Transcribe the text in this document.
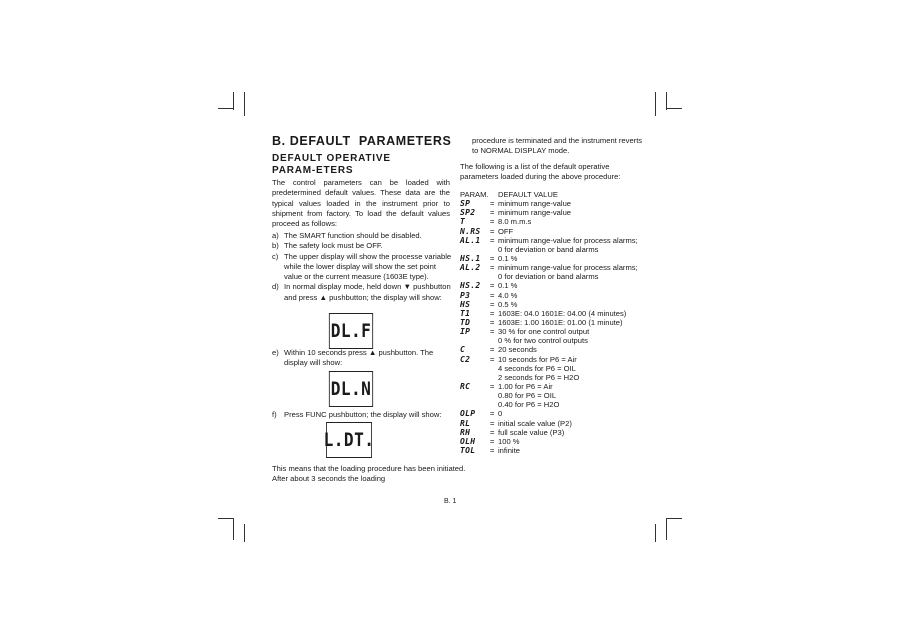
B. DEFAULT  PARAMETERS
DEFAULT OPERATIVE PARAM-ETERS
The control parameters can be loaded with predetermined default values. These data are the typical values loaded in the instrument prior to shipment from factory. To load the default values proceed as follows:
a) The SMART function should be disabled.
b) The safety lock must be OFF.
c) The upper display will show the processe variable while the lower display will show the set point value or the current measure (1603E type).
d) In normal display mode, held down ▼ pushbutton and press ▲ pushbutton; the display will show:
DL.F
e) Within 10 seconds press ▲ pushbutton. The display will show:
DL.N
f) Press FUNC pushbutton; the display will show:
L.DT.
This means that the loading procedure has been initiated. After about 3 seconds the loading
procedure is terminated and the instrument reverts to NORMAL DISPLAY mode.
The following is a list of the default operative parameters loaded during the above procedure:
PARAM.	DEFAULT VALUE
SP	= minimum range-value
SP2	= minimum range-value
T	= 8.0 m.m.s
N.RS	= OFF
AL.1	= minimum range-value for process alarms;
0 for deviation or band alarms
HS.1	= 0.1 %
AL.2	= minimum range-value for process alarms;
0 for deviation or band alarms
HS.2	= 0.1 %
P3	= 4.0 %
HS	= 0.5 %
T1	= 1603E: 04.0 1601E: 04.00 (4 minutes)
TD	= 1603E: 1.00 1601E: 01.00 (1 minute)
IP	= 30 % for one control output
0 % for two control outputs
C	= 20 seconds
C2	= 10 seconds for P6 = Air
4 seconds for P6 = OIL
2 seconds for P6 = H2O
RC	= 1.00 for P6 = Air
0.80 for P6 = OIL
0.40 for P6 = H2O
OLP	= 0
RL	= initial scale value (P2)
RH	= full scale value (P3)
OLH	= 100 %
TOL	= infinite
B. 1
